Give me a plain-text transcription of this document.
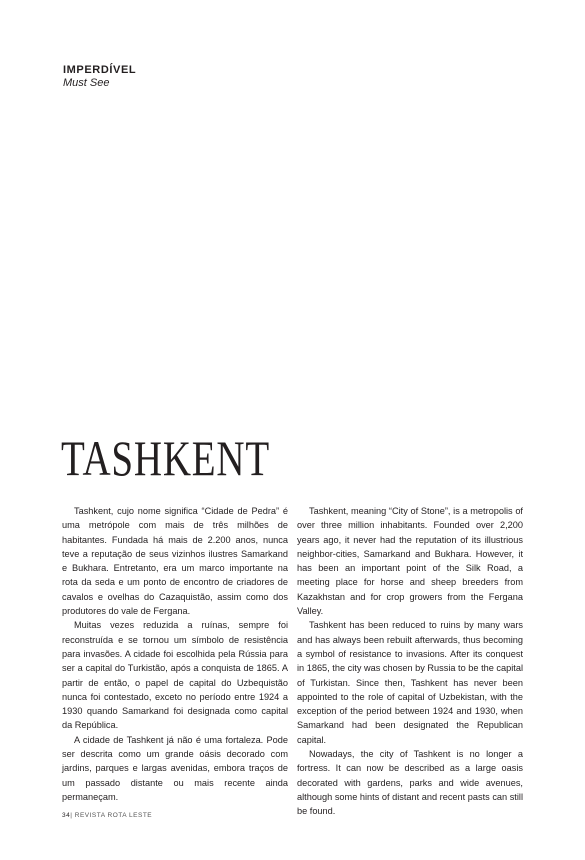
IMPERDÍVEL
Must See
TASHKENT

Tashkent, cujo nome significa “Cidade de Pedra” é uma metrópole com mais de três milhões de habitantes. Fundada há mais de 2.200 anos, nunca teve a reputação de seus vizinhos ilustres Samarkand e Bukhara. Entretanto, era um marco importante na rota da seda e um ponto de encontro de criadores de cavalos e ovelhas do Cazaquistão, assim como dos produtores do vale de Fergana.

Muitas vezes reduzida a ruínas, sempre foi reconstruída e se tornou um símbolo de resistência para invasões. A cidade foi escolhida pela Rússia para ser a capital do Turkistão, após a conquista de 1865. A partir de então, o papel de capital do Uzbequistão nunca foi contestado, exceto no período entre 1924 a 1930 quando Samarkand foi designada como capital da República.

A cidade de Tashkent já não é uma fortaleza. Pode ser descrita como um grande oásis decorado com jardins, parques e largas avenidas, embora traços de um passado distante ou mais recente ainda permaneçam.

Tashkent, meaning “City of Stone”, is a metropolis of over three million inhabitants. Founded over 2,200 years ago, it never had the reputation of its illustrious neighbor-cities, Samarkand and Bukhara. However, it has been an important point of the Silk Road, a meeting place for horse and sheep breeders from Kazakhstan and for crop growers from the Fergana Valley.

Tashkent has been reduced to ruins by many wars and has always been rebuilt afterwards, thus becoming a symbol of resistance to invasions. After its conquest in 1865, the city was chosen by Russia to be the capital of Turkistan. Since then, Tashkent has never been appointed to the role of capital of Uzbekistan, with the exception of the period between 1924 and 1930, when Samarkand had been designated the Republican capital.

Nowadays, the city of Tashkent is no longer a fortress. It can now be described as a large oasis decorated with gardens, parks and wide avenues, although some hints of distant and recent pasts can still be found.

34| REVISTA ROTA LESTE
